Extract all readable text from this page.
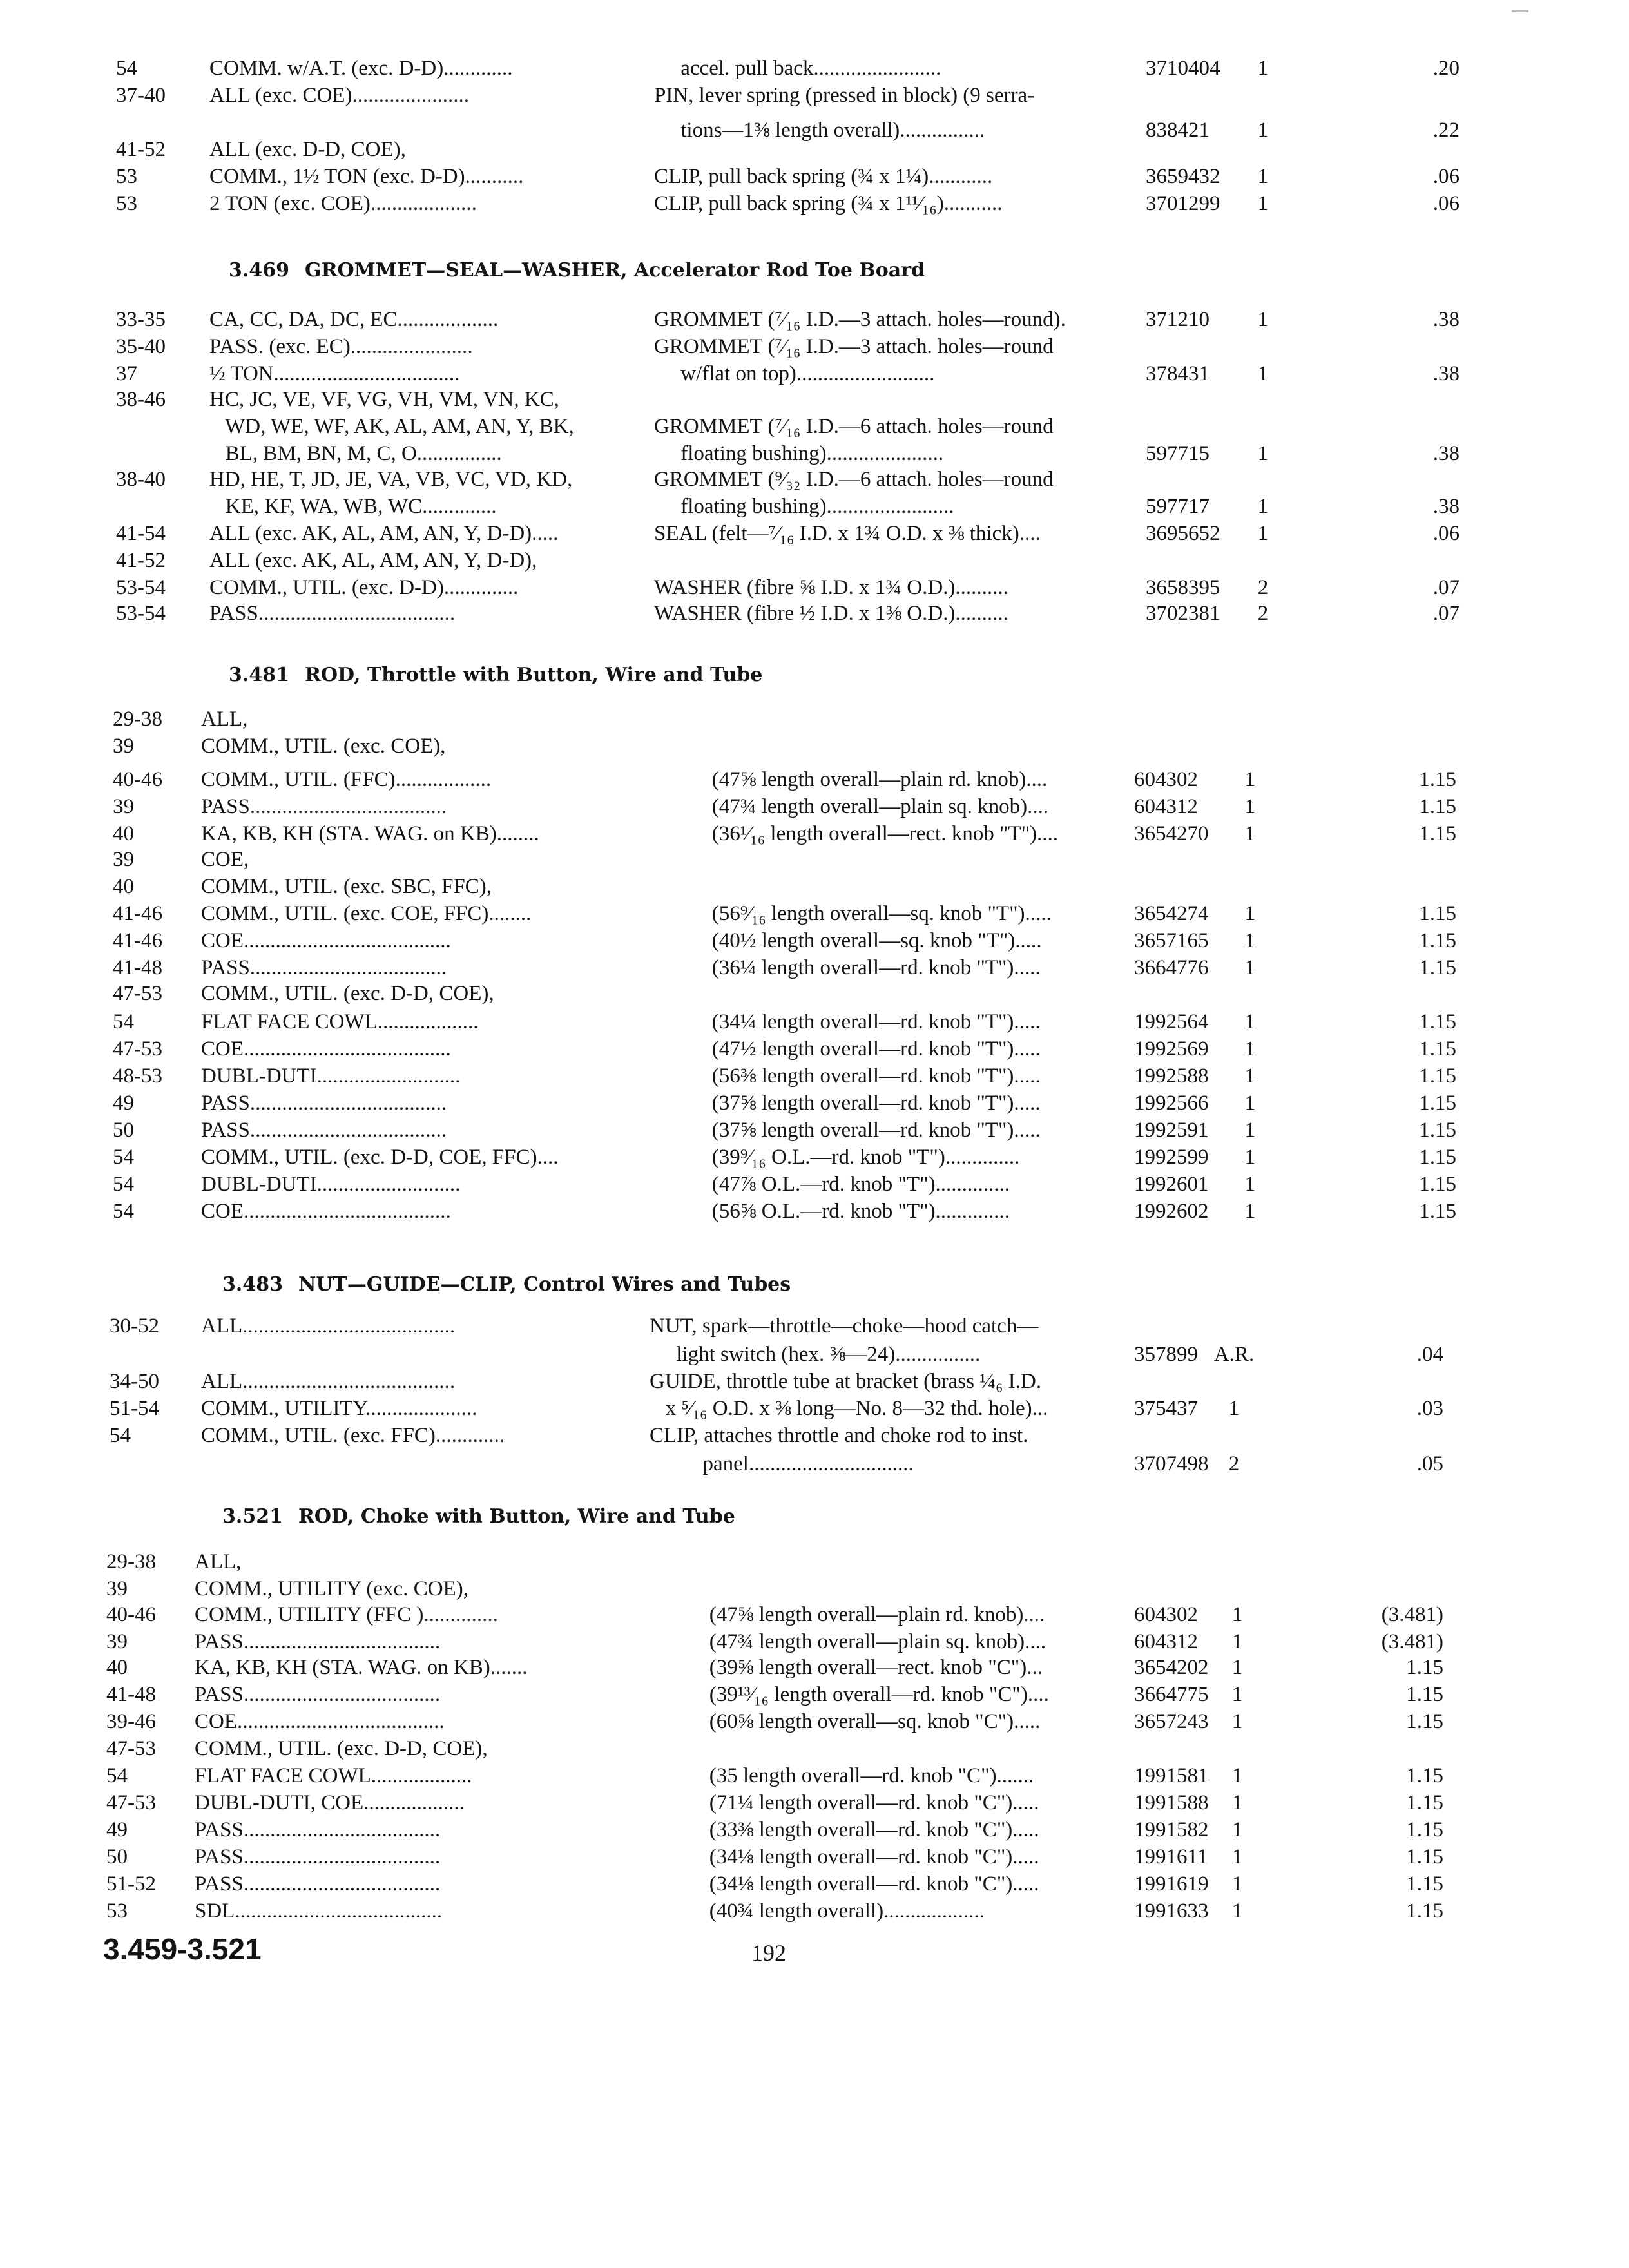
54	COMM. w/A.T. (exc. D-D).............	accel. pull back........................	3710404	1	.20
37-40 ALL (exc. COE)......................	PIN, lever spring (pressed in block) (9 serra-
tions—1⅜ length overall)................	838421	1	.22
41-52 ALL (exc. D-D, COE),
53	COMM., 1½ TON (exc. D-D)...........	CLIP, pull back spring (¾ x 1¼)............	3659432	1	.06
53	2 TON (exc. COE)....................	CLIP, pull back spring (¾ x 1¹¹⁄₁₆)...........	3701299	1	.06
3.469 GROMMET—SEAL—WASHER, Accelerator Rod Toe Board
33-35 CA, CC, DA, DC, EC...................	GROMMET (⁷⁄₁₆ I.D.—3 attach. holes—round).	371210	1	.38
35-40 PASS. (exc. EC).......................	GROMMET (⁷⁄₁₆ I.D.—3 attach. holes—round
37	½ TON...................................	w/flat on top)..........................	378431	1	.38
38-46 HC, JC, VE, VF, VG, VH, VM, VN, KC,
WD, WE, WF, AK, AL, AM, AN, Y, BK,	GROMMET (⁷⁄₁₆ I.D.—6 attach. holes—round
BL, BM, BN, M, C, O................	floating bushing)......................	597715	1	.38
38-40 HD, HE, T, JD, JE, VA, VB, VC, VD, KD,	GROMMET (⁹⁄₃₂ I.D.—6 attach. holes—round
KE, KF, WA, WB, WC..............	floating bushing)........................	597717	1	.38
41-54 ALL (exc. AK, AL, AM, AN, Y, D-D).....	SEAL (felt—⁷⁄₁₆ I.D. x 1¾ O.D. x ⅜ thick)....	3695652	1	.06
41-52 ALL (exc. AK, AL, AM, AN, Y, D-D),
53-54 COMM., UTIL. (exc. D-D)..............	WASHER (fibre ⅝ I.D. x 1¾ O.D.)..........	3658395	2	.07
53-54 PASS.....................................	WASHER (fibre ½ I.D. x 1⅜ O.D.)..........	3702381	2	.07
3.481 ROD, Throttle with Button, Wire and Tube
29-38 ALL,
39	COMM., UTIL. (exc. COE),
40-46 COMM., UTIL. (FFC)..................	(47⅝ length overall—plain rd. knob)....	604302	1	1.15
39	PASS.....................................	(47¾ length overall—plain sq. knob)....	604312	1	1.15
40	KA, KB, KH (STA. WAG. on KB)........	(36¹⁄₁₆ length overall—rect. knob "T")....	3654270	1	1.15
39	COE,
40	COMM., UTIL. (exc. SBC, FFC),
41-46 COMM., UTIL. (exc. COE, FFC)........	(56⁹⁄₁₆ length overall—sq. knob "T").....	3654274	1	1.15
41-46 COE.......................................	(40½ length overall—sq. knob "T").....	3657165	1	1.15
41-48 PASS.....................................	(36¼ length overall—rd. knob "T").....	3664776	1	1.15
47-53 COMM., UTIL. (exc. D-D, COE),
54	FLAT FACE COWL...................	(34¼ length overall—rd. knob "T").....	1992564	1	1.15
47-53 COE.......................................	(47½ length overall—rd. knob "T").....	1992569	1	1.15
48-53 DUBL-DUTI...........................	(56⅜ length overall—rd. knob "T").....	1992588	1	1.15
49	PASS.....................................	(37⅝ length overall—rd. knob "T").....	1992566	1	1.15
50	PASS.....................................	(37⅝ length overall—rd. knob "T").....	1992591	1	1.15
54	COMM., UTIL. (exc. D-D, COE, FFC)....	(39⁹⁄₁₆ O.L.—rd. knob "T")..............	1992599	1	1.15
54	DUBL-DUTI...........................	(47⅞ O.L.—rd. knob "T")..............	1992601	1	1.15
54	COE.......................................	(56⅝ O.L.—rd. knob "T")..............	1992602	1	1.15
3.483 NUT—GUIDE—CLIP, Control Wires and Tubes
30-52 ALL........................................	NUT, spark—throttle—choke—hood catch—
light switch (hex. ⅜—24)................	357899 A.R.	.04
34-50 ALL........................................	GUIDE, throttle tube at bracket (brass ¼₆ I.D.
51-54 COMM., UTILITY.....................	x ⁵⁄₁₆ O.D. x ⅜ long—No. 8—32 thd. hole)...	375437	1	.03
54	COMM., UTIL. (exc. FFC).............	CLIP, attaches throttle and choke rod to inst.
panel...............................	3707498 2	.05
3.521 ROD, Choke with Button, Wire and Tube
29-38 ALL,
39	COMM., UTILITY (exc. COE),
40-46 COMM., UTILITY (FFC )..............	(47⅝ length overall—plain rd. knob)....	604302	1	(3.481)
39	PASS.....................................	(47¾ length overall—plain sq. knob)....	604312	1	(3.481)
40	KA, KB, KH (STA. WAG. on KB).......	(39⅝ length overall—rect. knob "C")...	3654202	1	1.15
41-48 PASS.....................................	(39¹³⁄₁₆ length overall—rd. knob "C")....	3664775	1	1.15
39-46 COE.......................................	(60⅝ length overall—sq. knob "C").....	3657243	1	1.15
47-53 COMM., UTIL. (exc. D-D, COE),
54	FLAT FACE COWL...................	(35 length overall—rd. knob "C").......	1991581	1	1.15
47-53 DUBL-DUTI, COE...................	(71¼ length overall—rd. knob "C").....	1991588	1	1.15
49	PASS.....................................	(33⅜ length overall—rd. knob "C").....	1991582	1	1.15
50	PASS.....................................	(34⅛ length overall—rd. knob "C").....	1991611	1	1.15
51-52 PASS.....................................	(34⅛ length overall—rd. knob "C").....	1991619	1	1.15
53	SDL.......................................	(40¾ length overall)...................	1991633	1	1.15
3.459-3.521	192
